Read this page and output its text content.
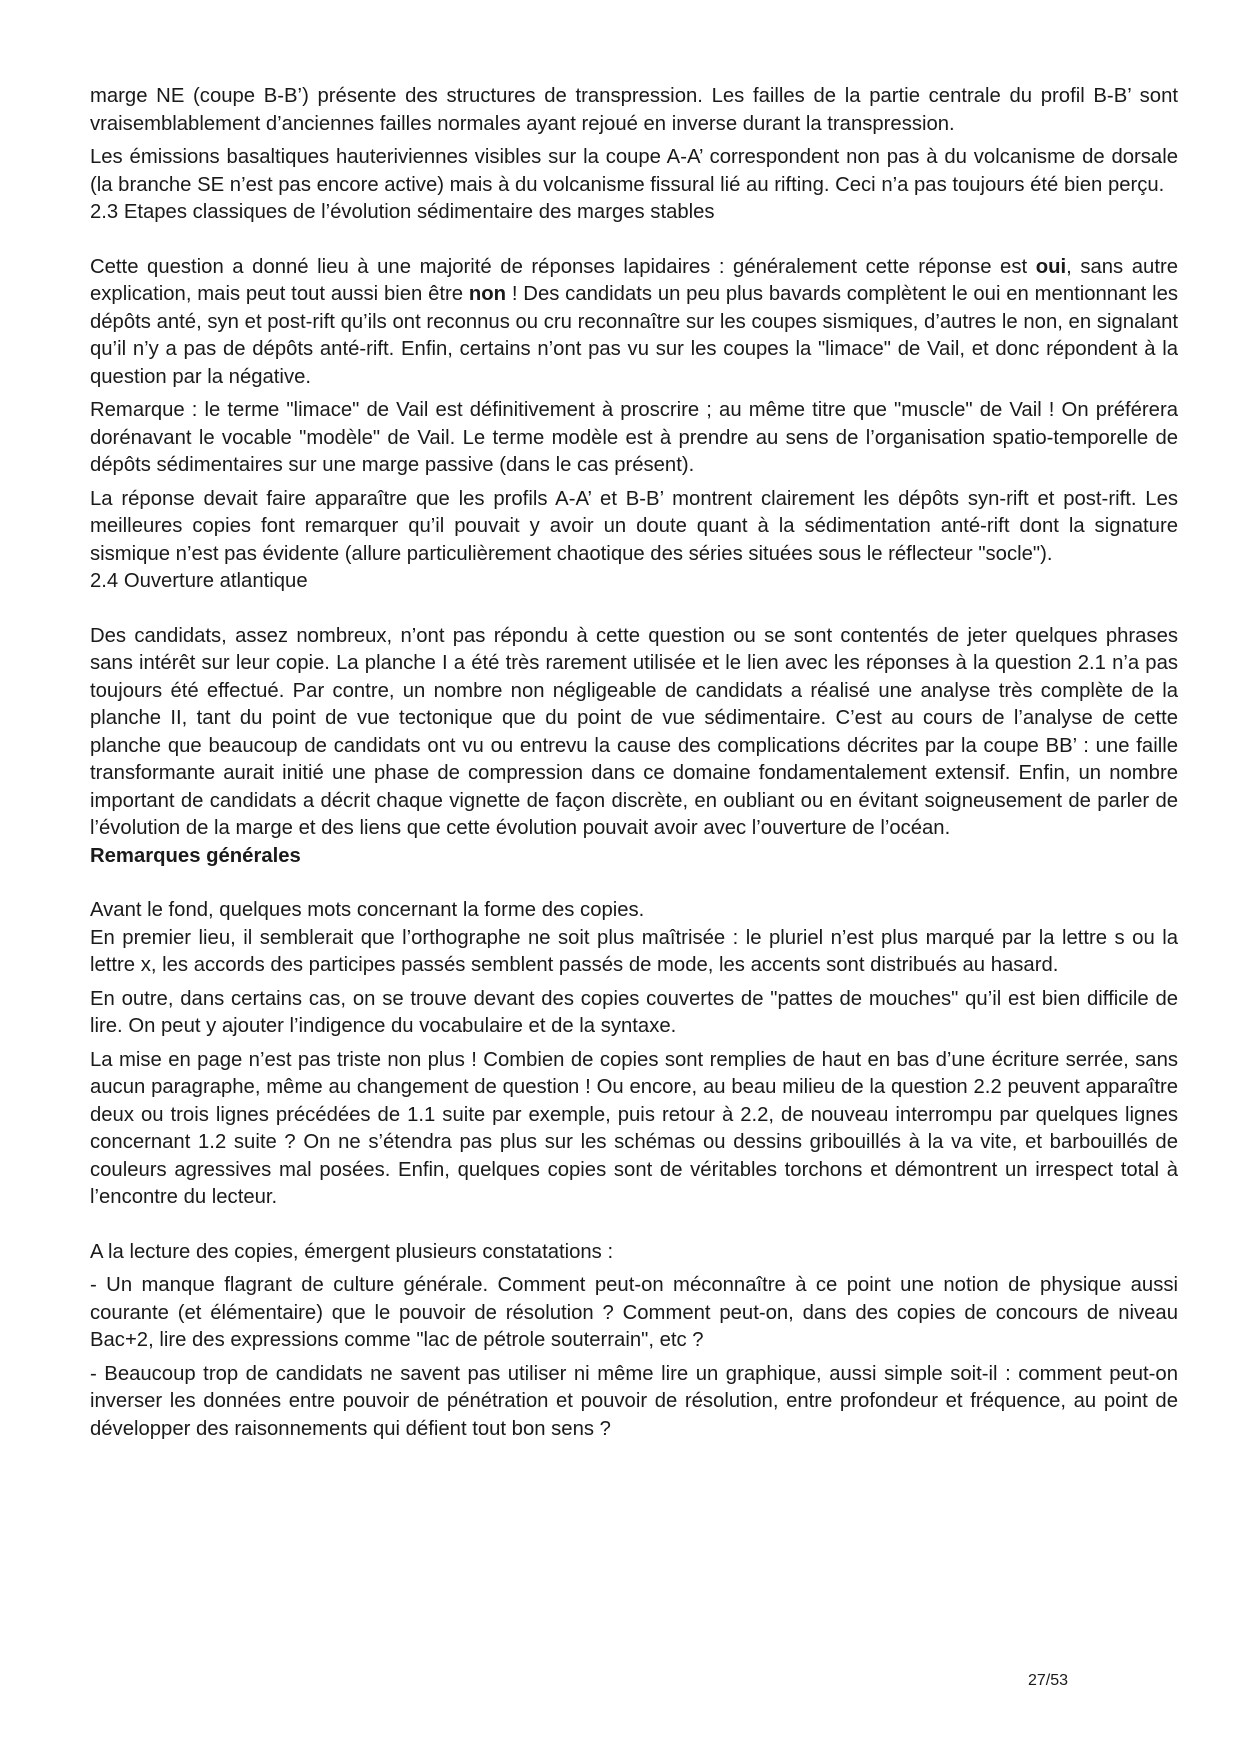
marge NE (coupe B-B’) présente des structures de transpression. Les failles de la partie centrale du profil B-B’ sont vraisemblablement d’anciennes failles normales ayant rejoué en inverse durant la transpression.

Les émissions basaltiques hauteriviennes visibles sur la coupe A-A’ correspondent non pas à du volcanisme de dorsale (la branche SE n’est pas encore active) mais à du volcanisme fissural lié au rifting. Ceci n’a pas toujours été bien perçu.

2.3 Etapes classiques de l’évolution sédimentaire des marges stables

Cette question a donné lieu à une majorité de réponses lapidaires : généralement cette réponse est oui, sans autre explication, mais peut tout aussi bien être non ! Des candidats un peu plus bavards complètent le oui en mentionnant les dépôts anté, syn et post-rift qu’ils ont reconnus ou cru reconnaître sur les coupes sismiques, d’autres le non, en signalant qu’il n’y a pas de dépôts anté-rift. Enfin, certains n’ont pas vu sur les coupes la "limace" de Vail, et donc répondent à la question par la négative.

Remarque : le terme "limace" de Vail est définitivement à proscrire ; au même titre que "muscle" de Vail ! On préférera dorénavant le vocable "modèle" de Vail. Le terme modèle est à prendre au sens de l’organisation spatio-temporelle de dépôts sédimentaires sur une marge passive (dans le cas présent).

La réponse devait faire apparaître que les profils A-A’ et B-B’ montrent clairement les dépôts syn-rift et post-rift. Les meilleures copies font remarquer qu’il pouvait y avoir un doute quant à la sédimentation anté-rift dont la signature sismique n’est pas évidente (allure particulièrement chaotique des séries situées sous le réflecteur "socle").

2.4 Ouverture atlantique

Des candidats, assez nombreux, n’ont pas répondu à cette question ou se sont contentés de jeter quelques phrases sans intérêt sur leur copie. La planche I a été très rarement utilisée et le lien avec les réponses à la question 2.1 n’a pas toujours été effectué. Par contre, un nombre non négligeable de candidats a réalisé une analyse très complète de la planche II, tant du point de vue tectonique que du point de vue sédimentaire. C’est au cours de l’analyse de cette planche que beaucoup de candidats ont vu ou entrevu la cause des complications décrites par la coupe BB’ : une faille transformante aurait initié une phase de compression dans ce domaine fondamentalement extensif. Enfin, un nombre important de candidats a décrit chaque vignette de façon discrète, en oubliant ou en évitant soigneusement de parler de l’évolution de la marge et des liens que cette évolution pouvait avoir avec l’ouverture de l’océan.

Remarques générales

Avant le fond, quelques mots concernant la forme des copies.

En premier lieu, il semblerait que l’orthographe ne soit plus maîtrisée : le pluriel n’est plus marqué par la lettre s ou la lettre x, les accords des participes passés semblent passés de mode, les accents sont distribués au hasard.

En outre, dans certains cas, on se trouve devant des copies couvertes de "pattes de mouches" qu’il est bien difficile de lire. On peut y ajouter l’indigence du vocabulaire et de la syntaxe.

La mise en page n’est pas triste non plus ! Combien de copies sont remplies de haut en bas d’une écriture serrée, sans aucun paragraphe, même au changement de question ! Ou encore, au beau milieu de la question 2.2 peuvent apparaître deux ou trois lignes précédées de 1.1 suite par exemple, puis retour à 2.2, de nouveau interrompu par quelques lignes concernant 1.2 suite ? On ne s’étendra pas plus sur les schémas ou dessins gribouillés à la va vite, et barbouillés de couleurs agressives mal posées. Enfin, quelques copies sont de véritables torchons et démontrent un irrespect total à l’encontre du lecteur.

A la lecture des copies, émergent plusieurs constatations :

- Un manque flagrant de culture générale. Comment peut-on méconnaître à ce point une notion de physique aussi courante (et élémentaire) que le pouvoir de résolution ? Comment peut-on, dans des copies de concours de niveau Bac+2, lire des expressions comme "lac de pétrole souterrain", etc ?

- Beaucoup trop de candidats ne savent pas utiliser ni même lire un graphique, aussi simple soit-il : comment peut-on inverser les données entre pouvoir de pénétration et pouvoir de résolution, entre profondeur et fréquence, au point de développer des raisonnements qui défient tout bon sens ?

27/53
